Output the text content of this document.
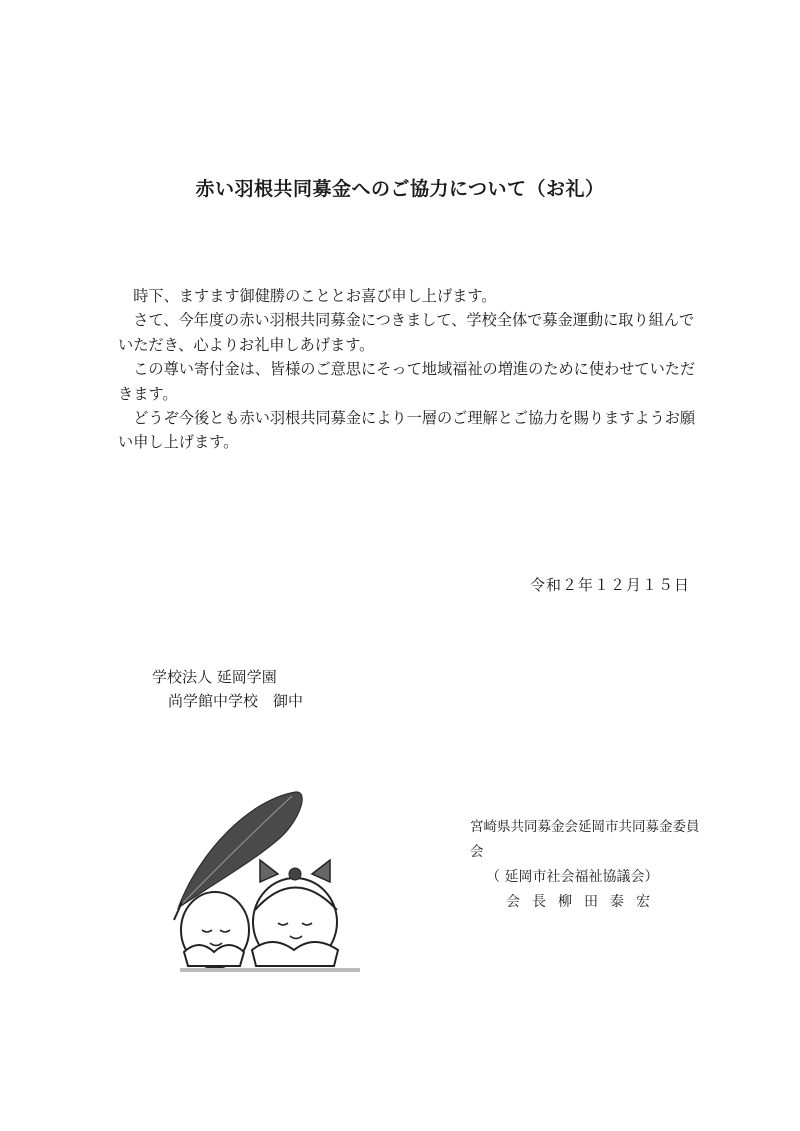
赤い羽根共同募金へのご協力について（お礼）

時下、ますます御健勝のこととお喜び申し上げます。

さて、今年度の赤い羽根共同募金につきまして、学校全体で募金運動に取り組んでいただき、心よりお礼申しあげます。

この尊い寄付金は、皆様のご意思にそって地域福祉の増進のために使わせていただきます。

どうぞ今後とも赤い羽根共同募金により一層のご理解とご協力を賜りますようお願い申し上げます。

令和２年１２月１５日
学校法人 延岡学園
尚学館中学校　御中
宮崎県共同募金会延岡市共同募金委員会
（ 延岡市社会福祉協議会）
会長柳田泰宏
